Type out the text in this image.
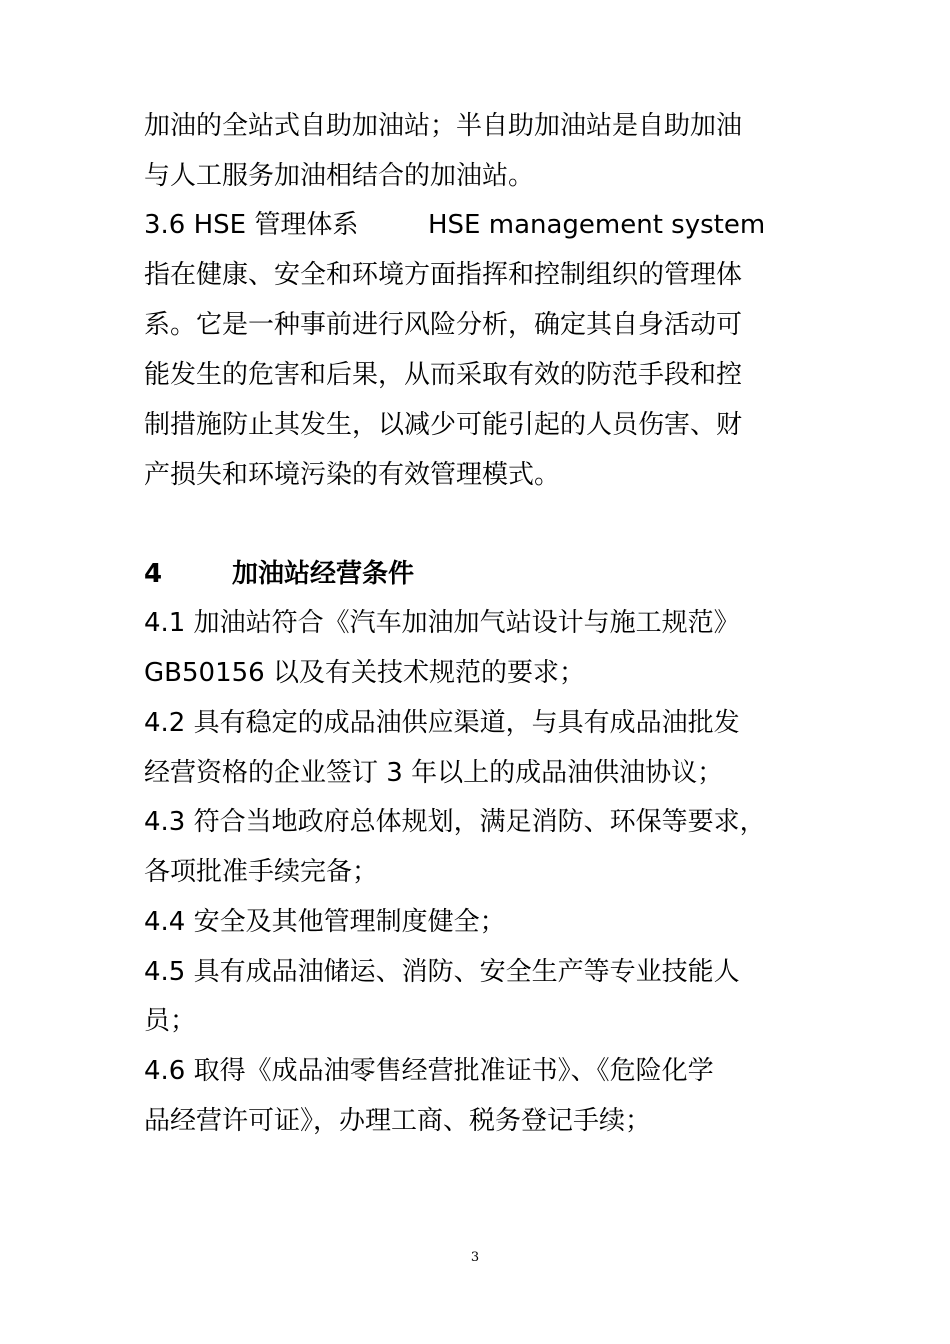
加油的全站式自助加油站；半自助加油站是自助加油
与人工服务加油相结合的加油站。
3.6 HSE 管理体系	HSE management system
指在健康、安全和环境方面指挥和控制组织的管理体
系。它是一种事前进行风险分析，确定其自身活动可
能发生的危害和后果，从而采取有效的防范手段和控
制措施防止其发生，以减少可能引起的人员伤害、财
产损失和环境污染的有效管理模式。
4	加油站经营条件
4.1 加油站符合《汽车加油加气站设计与施工规范》
GB50156 以及有关技术规范的要求；
4.2 具有稳定的成品油供应渠道，与具有成品油批发
经营资格的企业签订 3 年以上的成品油供油协议；
4.3 符合当地政府总体规划，满足消防、环保等要求，
各项批准手续完备；
4.4 安全及其他管理制度健全；
4.5 具有成品油储运、消防、安全生产等专业技能人
员；
4.6 取得《成品油零售经营批准证书》、《危险化学
品经营许可证》，办理工商、税务登记手续；
3
